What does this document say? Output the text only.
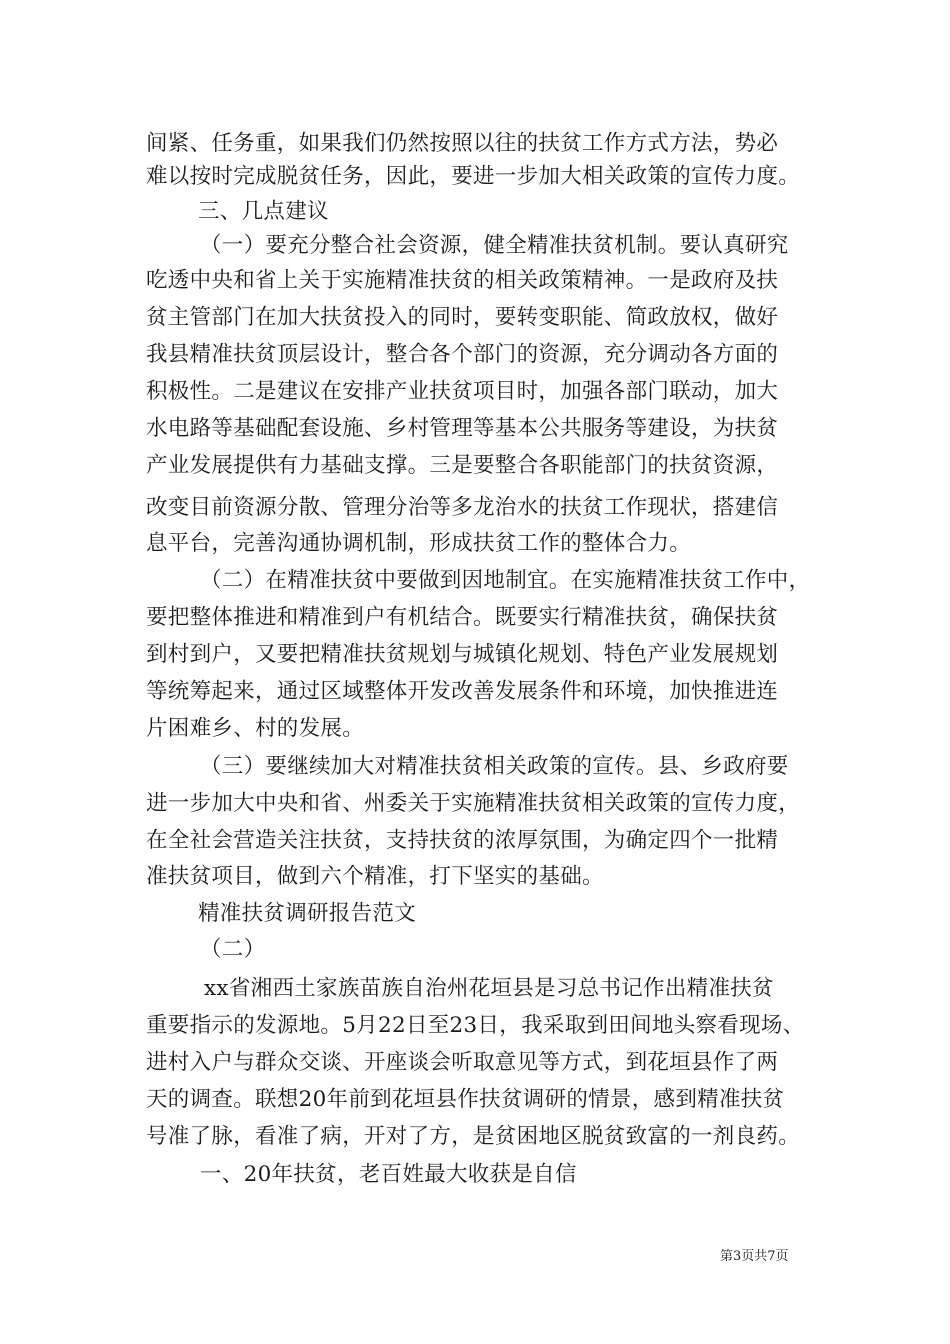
间紧、任务重，如果我们仍然按照以往的扶贫工作方式方法，势必
难以按时完成脱贫任务，因此，要进一步加大相关政策的宣传力度。
三、几点建议
（一）要充分整合社会资源，健全精准扶贫机制。要认真研究
吃透中央和省上关于实施精准扶贫的相关政策精神。一是政府及扶
贫主管部门在加大扶贫投入的同时，要转变职能、简政放权，做好
我县精准扶贫顶层设计，整合各个部门的资源，充分调动各方面的
积极性。二是建议在安排产业扶贫项目时，加强各部门联动，加大
水电路等基础配套设施、乡村管理等基本公共服务等建设，为扶贫
产业发展提供有力基础支撑。三是要整合各职能部门的扶贫资源，
改变目前资源分散、管理分治等多龙治水的扶贫工作现状，搭建信
息平台，完善沟通协调机制，形成扶贫工作的整体合力。
（二）在精准扶贫中要做到因地制宜。在实施精准扶贫工作中，
要把整体推进和精准到户有机结合。既要实行精准扶贫，确保扶贫
到村到户，又要把精准扶贫规划与城镇化规划、特色产业发展规划
等统筹起来，通过区域整体开发改善发展条件和环境，加快推进连
片困难乡、村的发展。
（三）要继续加大对精准扶贫相关政策的宣传。县、乡政府要
进一步加大中央和省、州委关于实施精准扶贫相关政策的宣传力度，
在全社会营造关注扶贫，支持扶贫的浓厚氛围，为确定四个一批精
准扶贫项目，做到六个精准，打下坚实的基础。
精准扶贫调研报告范文
（二）
xx省湘西土家族苗族自治州花垣县是习总书记作出精准扶贫
重要指示的发源地。5月22日至23日，我采取到田间地头察看现场、
进村入户与群众交谈、开座谈会听取意见等方式，到花垣县作了两
天的调查。联想20年前到花垣县作扶贫调研的情景，感到精准扶贫
号准了脉，看准了病，开对了方，是贫困地区脱贫致富的一剂良药。
一、20年扶贫，老百姓最大收获是自信
第3页共7页
